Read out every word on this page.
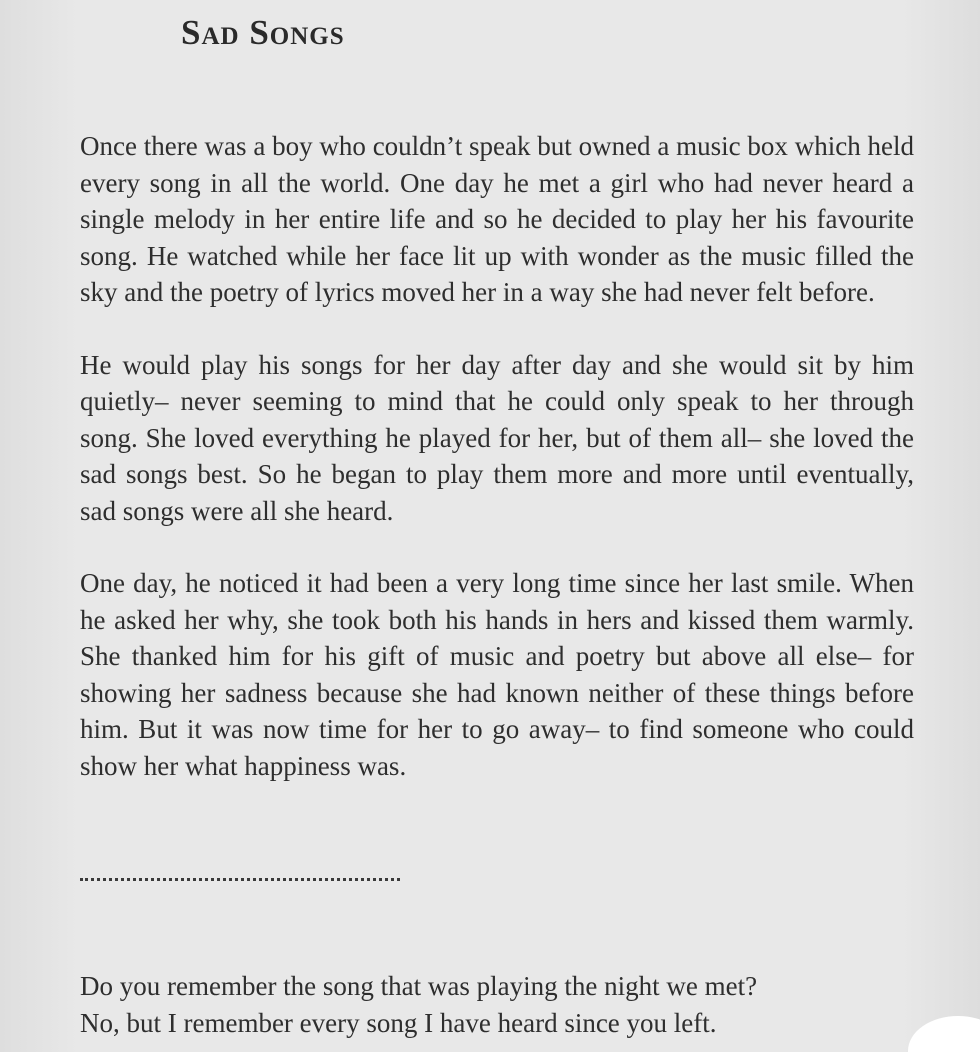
Sad Songs

Once there was a boy who couldn’t speak but owned a music box which held every song in all the world. One day he met a girl who had never heard a single melody in her entire life and so he decided to play her his favourite song. He watched while her face lit up with wonder as the music filled the sky and the poetry of lyrics moved her in a way she had never felt before.

He would play his songs for her day after day and she would sit by him quietly– never seeming to mind that he could only speak to her through song. She loved everything he played for her, but of them all– she loved the sad songs best. So he began to play them more and more until eventually, sad songs were all she heard.

One day, he noticed it had been a very long time since her last smile. When he asked her why, she took both his hands in hers and kissed them warmly. She thanked him for his gift of music and poetry but above all else– for showing her sadness because she had known neither of these things before him. But it was now time for her to go away– to find someone who could show her what happiness was.

Do you remember the song that was playing the night we met?
No, but I remember every song I have heard since you left.
